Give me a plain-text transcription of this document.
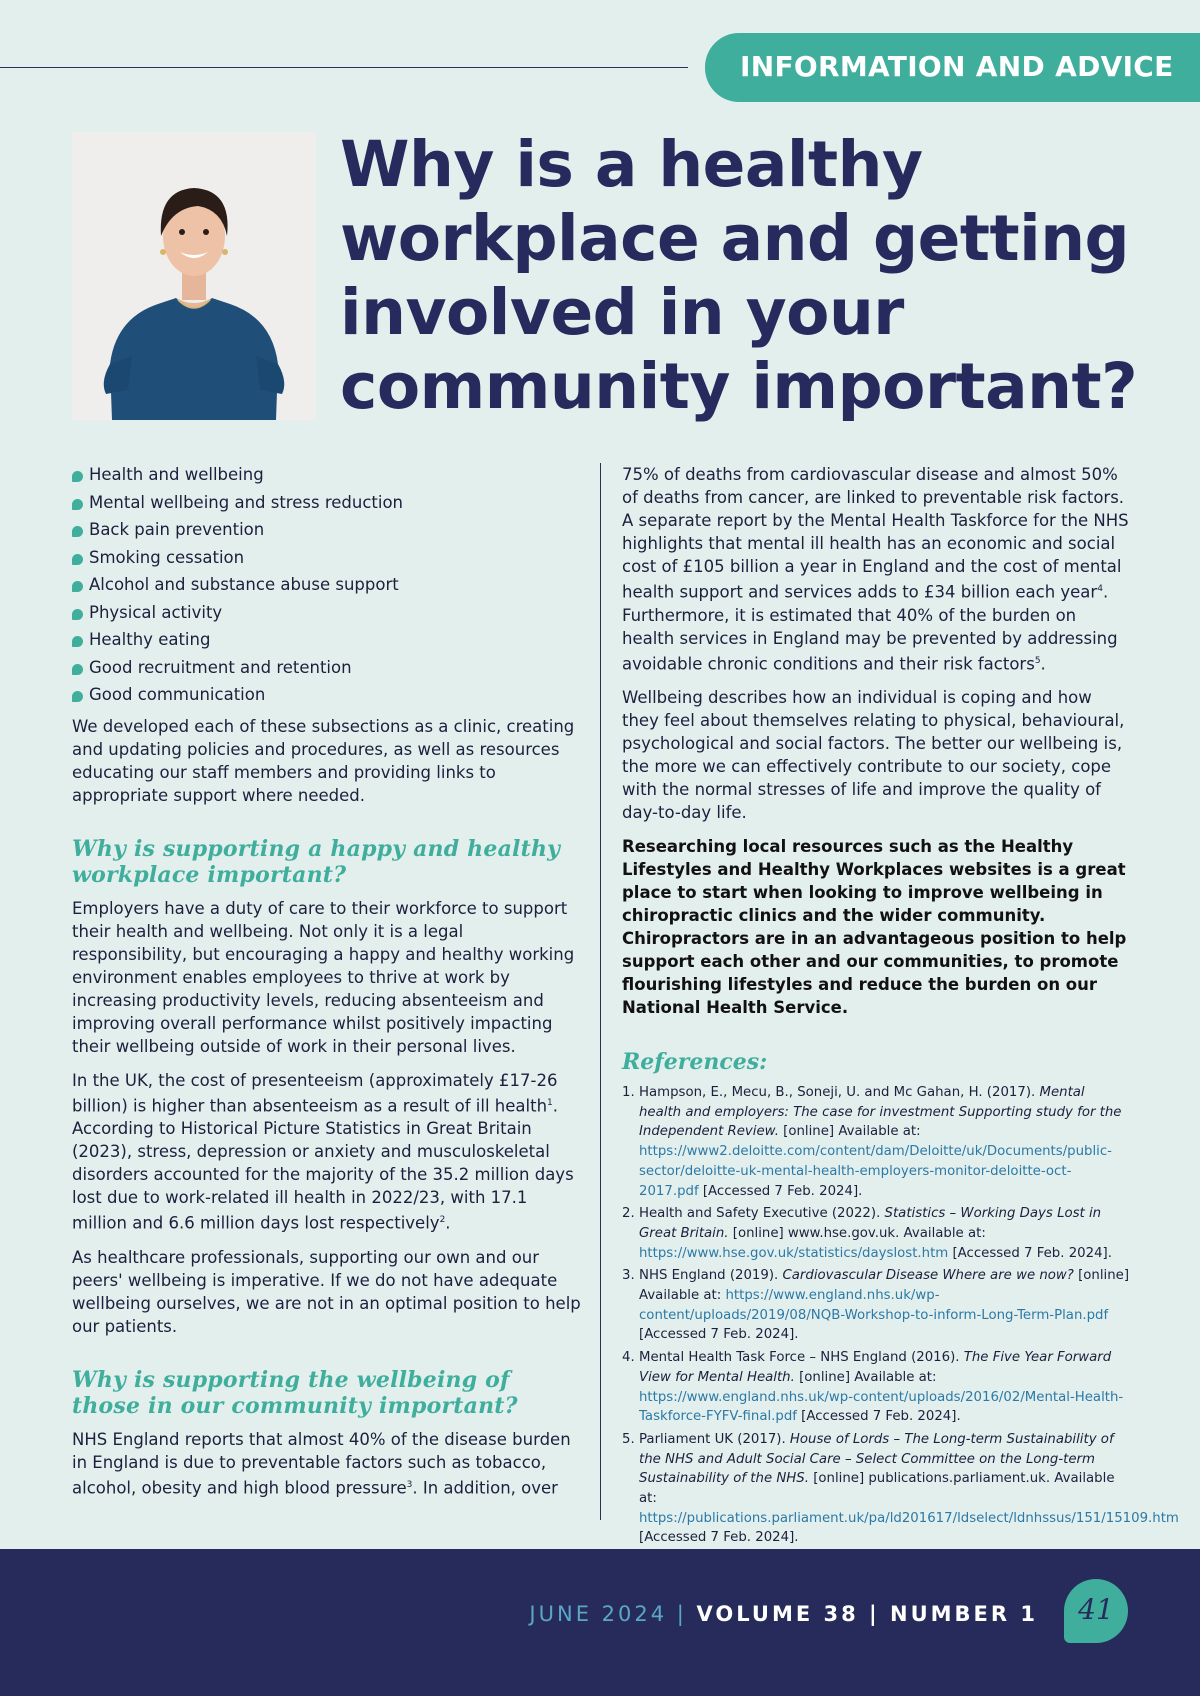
INFORMATION AND ADVICE
Why is a healthy workplace and getting involved in your community important?
Health and wellbeing
Mental wellbeing and stress reduction
Back pain prevention
Smoking cessation
Alcohol and substance abuse support
Physical activity
Healthy eating
Good recruitment and retention
Good communication

We developed each of these subsections as a clinic, creating and updating policies and procedures, as well as resources educating our staff members and providing links to appropriate support where needed.

Why is supporting a happy and healthy workplace important?

Employers have a duty of care to their workforce to support their health and wellbeing. Not only it is a legal responsibility, but encouraging a happy and healthy working environment enables employees to thrive at work by increasing productivity levels, reducing absenteeism and improving overall performance whilst positively impacting their wellbeing outside of work in their personal lives.

In the UK, the cost of presenteeism (approximately £17-26 billion) is higher than absenteeism as a result of ill health$^1$. According to Historical Picture Statistics in Great Britain (2023), stress, depression or anxiety and musculoskeletal disorders accounted for the majority of the 35.2 million days lost due to work-related ill health in 2022/23, with 17.1 million and 6.6 million days lost respectively$^2$.

As healthcare professionals, supporting our own and our peers' wellbeing is imperative. If we do not have adequate wellbeing ourselves, we are not in an optimal position to help our patients.

Why is supporting the wellbeing of those in our community important?

NHS England reports that almost 40% of the disease burden in England is due to preventable factors such as tobacco, alcohol, obesity and high blood pressure$^3$. In addition, over

75% of deaths from cardiovascular disease and almost 50% of deaths from cancer, are linked to preventable risk factors. A separate report by the Mental Health Taskforce for the NHS highlights that mental ill health has an economic and social cost of £105 billion a year in England and the cost of mental health support and services adds to £34 billion each year$^4$. Furthermore, it is estimated that 40% of the burden on health services in England may be prevented by addressing avoidable chronic conditions and their risk factors$^5$.

Wellbeing describes how an individual is coping and how they feel about themselves relating to physical, behavioural, psychological and social factors. The better our wellbeing is, the more we can effectively contribute to our society, cope with the normal stresses of life and improve the quality of day-to-day life.

Researching local resources such as the Healthy Lifestyles and Healthy Workplaces websites is a great place to start when looking to improve wellbeing in chiropractic clinics and the wider community. Chiropractors are in an advantageous position to help support each other and our communities, to promote flourishing lifestyles and reduce the burden on our National Health Service.

References:
1. Hampson, E., Mecu, B., Soneji, U. and Mc Gahan, H. (2017). Mental health and employers: The case for investment Supporting study for the Independent Review. [online] Available at: https://www2.deloitte.com/content/dam/Deloitte/uk/Documents/public-sector/deloitte-uk-mental-health-employers-monitor-deloitte-oct-2017.pdf [Accessed 7 Feb. 2024].
2. Health and Safety Executive (2022). Statistics – Working Days Lost in Great Britain. [online] www.hse.gov.uk. Available at: https://www.hse.gov.uk/statistics/dayslost.htm [Accessed 7 Feb. 2024].
3. NHS England (2019). Cardiovascular Disease Where are we now? [online] Available at: https://www.england.nhs.uk/wp-content/uploads/2019/08/NQB-Workshop-to-inform-Long-Term-Plan.pdf [Accessed 7 Feb. 2024].
4. Mental Health Task Force – NHS England (2016). The Five Year Forward View for Mental Health. [online] Available at: https://www.england.nhs.uk/wp-content/uploads/2016/02/Mental-Health-Taskforce-FYFV-final.pdf [Accessed 7 Feb. 2024].
5. Parliament UK (2017). House of Lords – The Long-term Sustainability of the NHS and Adult Social Care – Select Committee on the Long-term Sustainability of the NHS. [online] publications.parliament.uk. Available at: https://publications.parliament.uk/pa/ld201617/ldselect/ldnhssus/151/15109.htm [Accessed 7 Feb. 2024].
JUNE 2024 | VOLUME 38 | NUMBER 1	41
